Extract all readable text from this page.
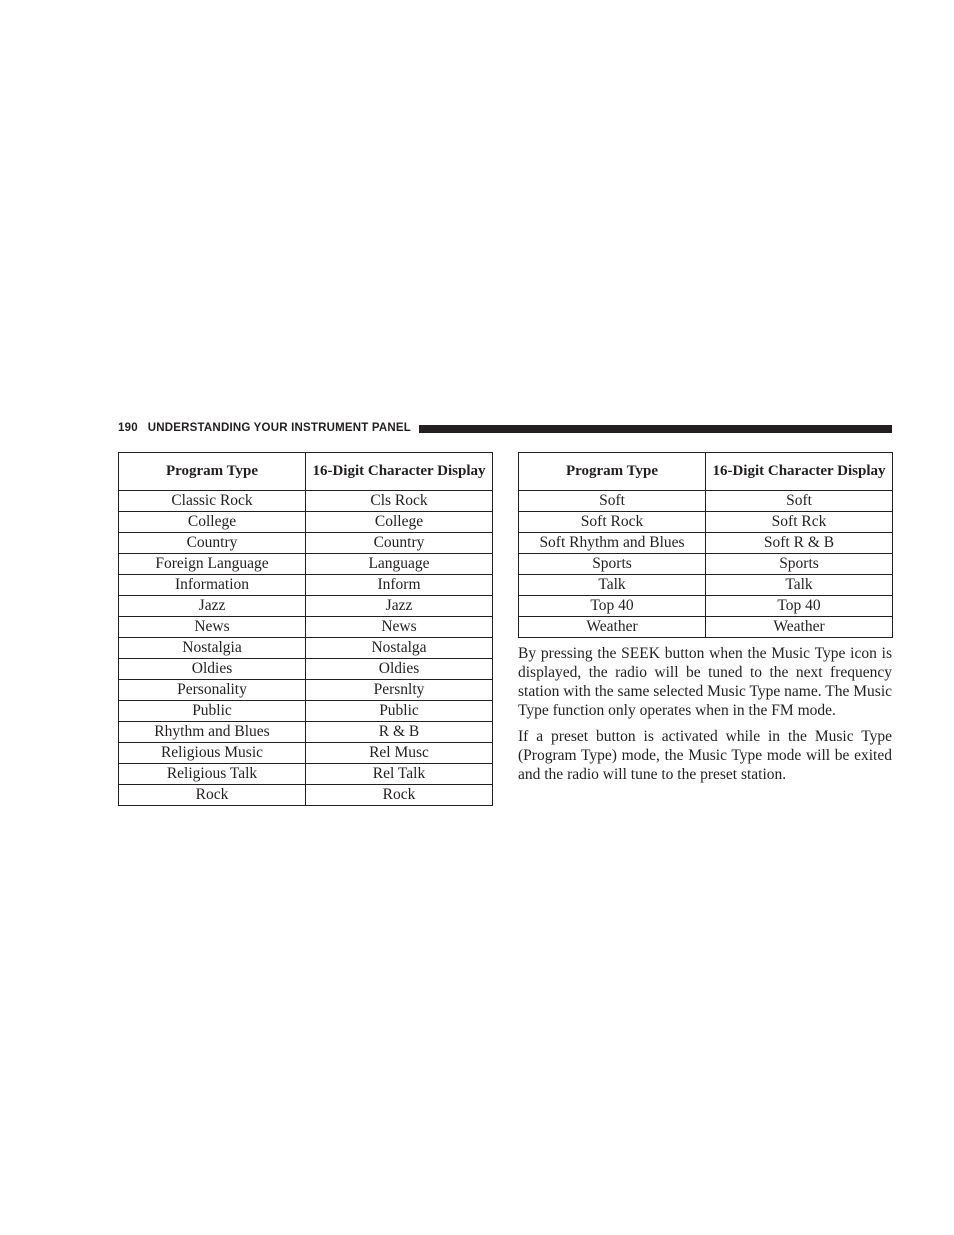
190 UNDERSTANDING YOUR INSTRUMENT PANEL
Program Type	16-Digit Character Display
Classic Rock	Cls Rock
College	College
Country	Country
Foreign Language	Language
Information	Inform
Jazz	Jazz
News	News
Nostalgia	Nostalga
Oldies	Oldies
Personality	Persnlty
Public	Public
Rhythm and Blues	R & B
Religious Music	Rel Musc
Religious Talk	Rel Talk
Rock	Rock
Program Type	16-Digit Character Display
Soft	Soft
Soft Rock	Soft Rck
Soft Rhythm and Blues	Soft R & B
Sports	Sports
Talk	Talk
Top 40	Top 40
Weather	Weather

By pressing the SEEK button when the Music Type icon is displayed, the radio will be tuned to the next frequency station with the same selected Music Type name. The Music Type function only operates when in the FM mode.

If a preset button is activated while in the Music Type (Program Type) mode, the Music Type mode will be exited and the radio will tune to the preset station.
